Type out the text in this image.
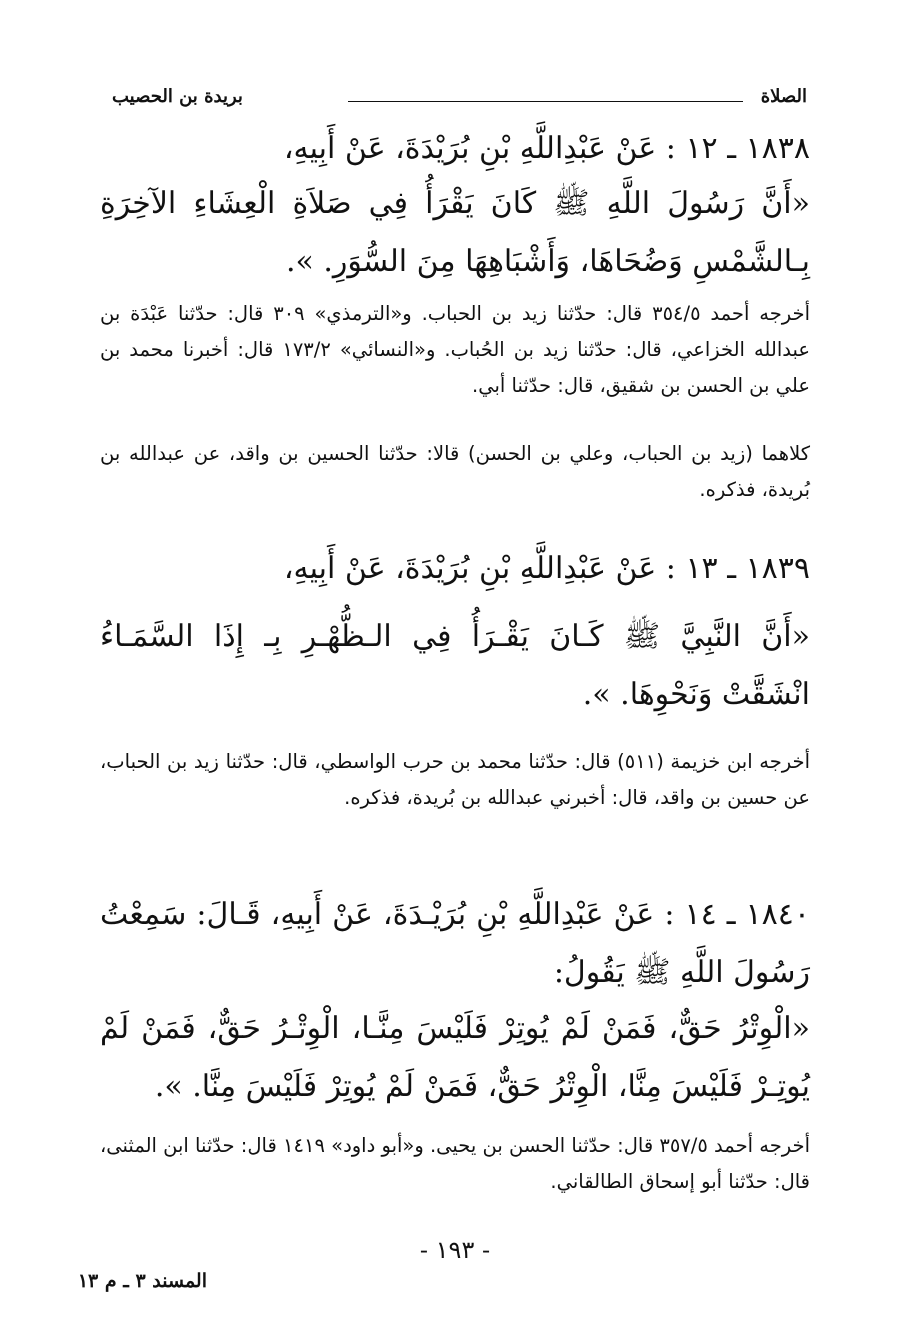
الصلاة
بريدة بن الحصيب
١٨٣٨ ـ ١٢ : عَنْ عَبْدِاللَّهِ بْنِ بُرَيْدَةَ، عَنْ أَبِيهِ،
«أَنَّ رَسُولَ اللَّهِ ﷺ كَانَ يَقْرَأُ فِي صَلاَةِ الْعِشَاءِ الآخِرَةِ بِـالشَّمْسِ وَضُحَاهَا، وَأَشْبَاهِهَا مِنَ السُّوَرِ. ».
أخرجه أحمد ٣٥٤/٥ قال: حدّثنا زيد بن الحباب. و«الترمذي» ٣٠٩ قال: حدّثنا عَبْدَة بن عبدالله الخزاعي، قال: حدّثنا زيد بن الحُباب. و«النسائي» ١٧٣/٢ قال: أخبرنا محمد بن علي بن الحسن بن شقيق، قال: حدّثنا أبي.
كلاهما (زيد بن الحباب، وعلي بن الحسن) قالا: حدّثنا الحسين بن واقد، عن عبدالله بن بُريدة، فذكره.
١٨٣٩ ـ ١٣ : عَنْ عَبْدِاللَّهِ بْنِ بُرَيْدَةَ، عَنْ أَبِيهِ،
«أَنَّ النَّبِيَّ ﷺ كَـانَ يَقْـرَأُ فِي الـظُّهْـرِ بِـ إِذَا السَّمَـاءُ انْشَقَّتْ وَنَحْوِهَا. ».
أخرجه ابن خزيمة (٥١١) قال: حدّثنا محمد بن حرب الواسطي، قال: حدّثنا زيد بن الحباب، عن حسين بن واقد، قال: أخبرني عبدالله بن بُريدة، فذكره.
١٨٤٠ ـ ١٤ : عَنْ عَبْدِاللَّهِ بْنِ بُرَيْـدَةَ، عَنْ أَبِيهِ، قَـالَ: سَمِعْتُ رَسُولَ اللَّهِ ﷺ يَقُولُ:
«الْوِتْرُ حَقٌّ، فَمَنْ لَمْ يُوتِرْ فَلَيْسَ مِنَّـا، الْوِتْـرُ حَقٌّ، فَمَنْ لَمْ يُوتِـرْ فَلَيْسَ مِنَّا، الْوِتْرُ حَقٌّ، فَمَنْ لَمْ يُوتِرْ فَلَيْسَ مِنَّا. ».
أخرجه أحمد ٣٥٧/٥ قال: حدّثنا الحسن بن يحيى. و«أبو داود» ١٤١٩ قال: حدّثنا ابن المثنى، قال: حدّثنا أبو إسحاق الطالقاني.
- ١٩٣ -
المسند ٣ ـ م ١٣
